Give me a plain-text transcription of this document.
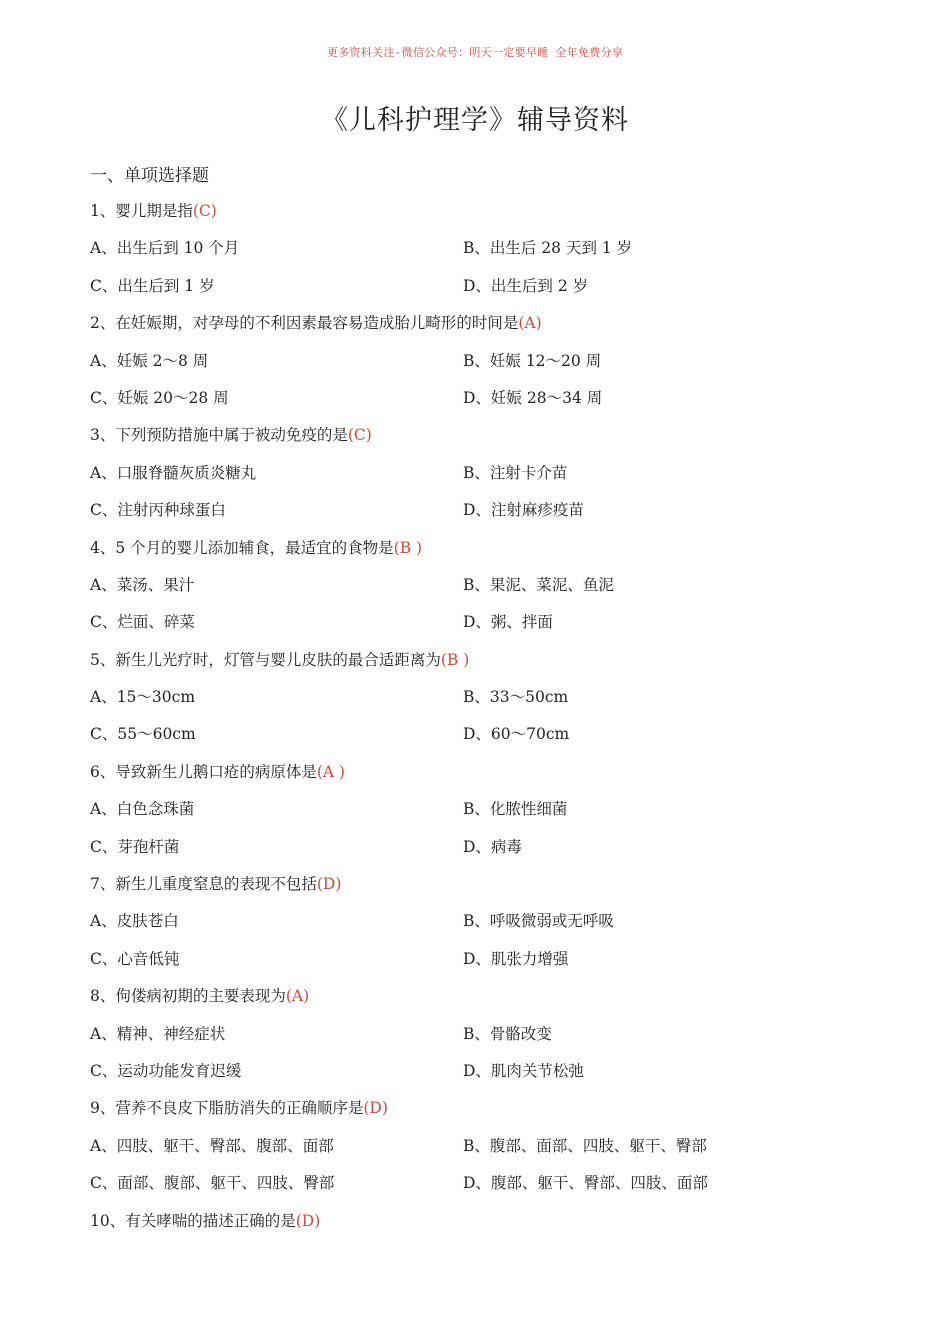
更多资料关注-微信公众号：明天一定要早睡 全年免费分享
《儿科护理学》辅导资料
一、单项选择题
1、婴儿期是指(C)
A、出生后到 10 个月	B、出生后 28 天到 1 岁
C、出生后到 1 岁	D、出生后到 2 岁
2、在妊娠期，对孕母的不利因素最容易造成胎儿畸形的时间是(A)
A、妊娠 2～8 周	B、妊娠 12～20 周
C、妊娠 20～28 周	D、妊娠 28～34 周
3、下列预防措施中属于被动免疫的是(C)
A、口服脊髓灰质炎糖丸	B、注射卡介苗
C、注射丙种球蛋白	D、注射麻疹疫苗
4、5 个月的婴儿添加辅食，最适宜的食物是(B )
A、菜汤、果汁	B、果泥、菜泥、鱼泥
C、烂面、碎菜	D、粥、拌面
5、新生儿光疗时，灯管与婴儿皮肤的最合适距离为(B )
A、15～30cm	B、33～50cm
C、55～60cm	D、60～70cm
6、导致新生儿鹅口疮的病原体是(A )
A、白色念珠菌	B、化脓性细菌
C、芽孢杆菌	D、病毒
7、新生儿重度窒息的表现不包括(D)
A、皮肤苍白	B、呼吸微弱或无呼吸
C、心音低钝	D、肌张力增强
8、佝偻病初期的主要表现为(A)
A、精神、神经症状	B、骨骼改变
C、运动功能发育迟缓	D、肌肉关节松弛
9、营养不良皮下脂肪消失的正确顺序是(D)
A、四肢、躯干、臀部、腹部、面部	B、腹部、面部、四肢、躯干、臀部
C、面部、腹部、躯干、四肢、臀部	D、腹部、躯干、臀部、四肢、面部
10、有关哮喘的描述正确的是(D)
